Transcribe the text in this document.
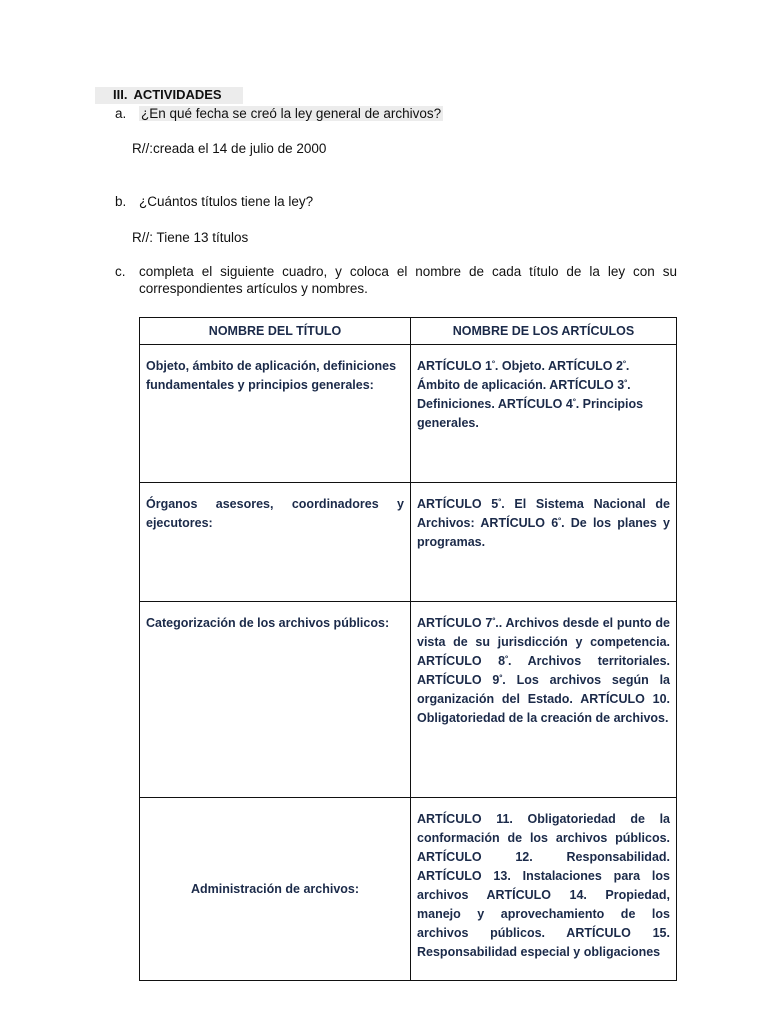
III. ACTIVIDADES
a. ¿En qué fecha se creó la ley general de archivos?
R//:creada el 14 de julio de 2000
b. ¿Cuántos títulos tiene la ley?
R//: Tiene 13 títulos
c. completa el siguiente cuadro, y coloca el nombre de cada título de la ley con su correspondientes artículos y nombres.
NOMBRE DEL TÍTULO	NOMBRE DE LOS ARTÍCULOS
Objeto, ámbito de aplicación, definiciones fundamentales y principios generales:	ARTÍCULO $1^º$. Objeto. ARTÍCULO $2^º$. Ámbito de aplicación. ARTÍCULO $3^º$. Definiciones. ARTÍCULO $4^º$. Principios generales.
Órganos asesores, coordinadores y ejecutores:	ARTÍCULO $5^º$. El Sistema Nacional de Archivos: ARTÍCULO $6^º$. De los planes y programas.
Categorización de los archivos públicos:	ARTÍCULO $7^º$.. Archivos desde el punto de vista de su jurisdicción y competencia. ARTÍCULO $8^º$. Archivos territoriales. ARTÍCULO $9^º$. Los archivos según la organización del Estado. ARTÍCULO 10. Obligatoriedad de la creación de archivos.
Administración de archivos:	ARTÍCULO 11. Obligatoriedad de la conformación de los archivos públicos. ARTÍCULO 12. Responsabilidad. ARTÍCULO 13. Instalaciones para los archivos ARTÍCULO 14. Propiedad, manejo y aprovechamiento de los archivos públicos. ARTÍCULO 15. Responsabilidad especial y obligaciones
